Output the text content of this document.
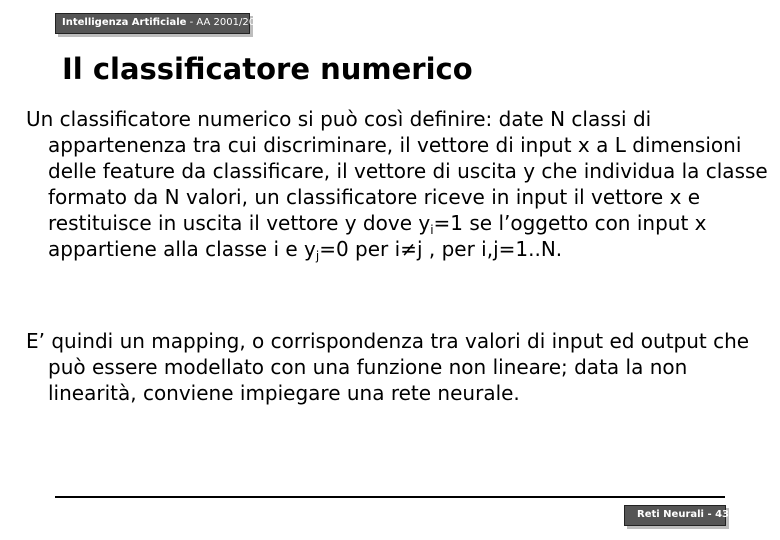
Intelligenza Artificiale - AA 2001/2002
Il classificatore numerico

Un classificatore numerico si può così definire: date N classi di appartenenza tra cui discriminare, il vettore di input x a L dimensioni delle feature da classificare, il vettore di uscita y che individua la classe formato da N valori, un classificatore riceve in input il vettore x e restituisce in uscita il vettore y dove $y_i=1$ se l’oggetto con input x appartiene alla classe i e $y_j=0$ per i≠j , per i,j=1..N.

E’ quindi un mapping, o corrispondenza tra valori di input ed output che può essere modellato con una funzione non lineare; data la non linearità, conviene impiegare una rete neurale.

Reti Neurali - 43
